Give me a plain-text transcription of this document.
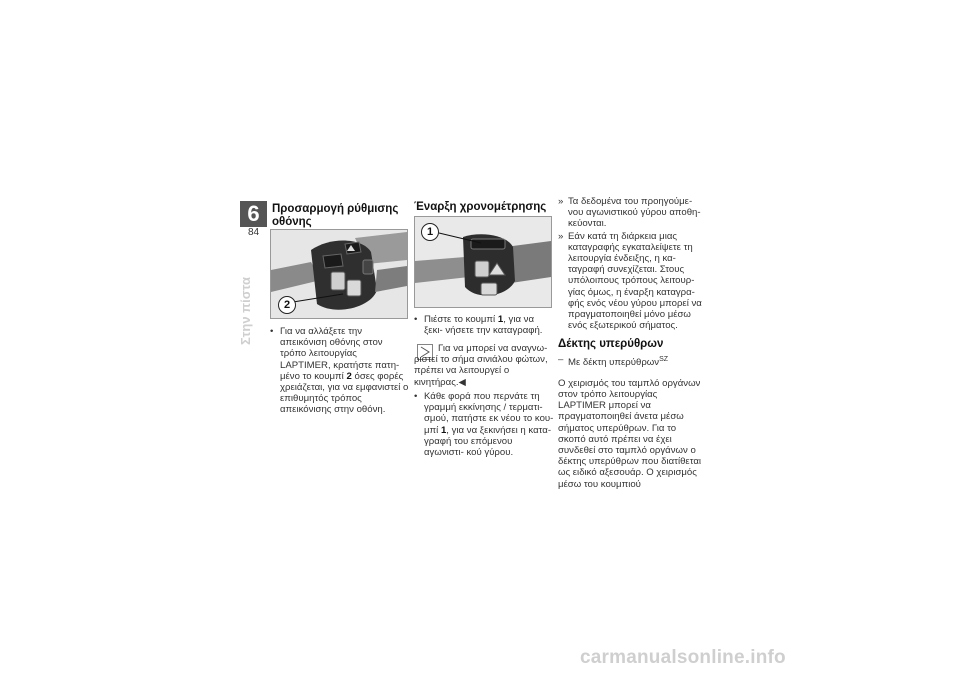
6
84
Στην πίστα
Προσαρμογή ρύθμισης οθόνης
2
• Για να αλλάξετε την απεικόνιση οθόνης στον τρόπο λειτουργίας LAPTIMER, κρατήστε πατη- μένο το κουμπί 2 όσες φορές χρειάζεται, για να εμφανιστεί ο επιθυμητός τρόπος απεικόνισης στην οθόνη.
Έναρξη χρονομέτρησης
1
• Πιέστε το κουμπί 1, για να ξεκι- νήσετε την καταγραφή.
Για να μπορεί να αναγνω- ριστεί το σήμα σινιάλου φώτων, πρέπει να λειτουργεί ο κινητήρας.◀
• Κάθε φορά που περνάτε τη γραμμή εκκίνησης / τερματι- σμού, πατήστε εκ νέου το κου- μπί 1, για να ξεκινήσει η κατα- γραφή του επόμενου αγωνιστι- κού γύρου.
» Τα δεδομένα του προηγούμε- νου αγωνιστικού γύρου αποθη- κεύονται.
» Εάν κατά τη διάρκεια μιας καταγραφής εγκαταλείψετε τη λειτουργία ένδειξης, η κα- ταγραφή συνεχίζεται. Στους υπόλοιπους τρόπους λειτουρ- γίας όμως, η έναρξη καταγρα- φής ενός νέου γύρου μπορεί να πραγματοποιηθεί μόνο μέσω ενός εξωτερικού σήματος.
Δέκτης υπερύθρων
– Με δέκτη υπερύθρων$^{SZ}$
Ο χειρισμός του ταμπλό οργάνων στον τρόπο λειτουργίας LAPTIMER μπορεί να πραγματοποιηθεί άνετα μέσω σήματος υπερύθρων. Για το σκοπό αυτό πρέπει να έχει συνδεθεί στο ταμπλό οργάνων ο δέκτης υπερύθρων που διατίθεται ως ειδικό αξεσουάρ. Ο χειρισμός μέσω του κουμπιού
carmanualsonline.info
